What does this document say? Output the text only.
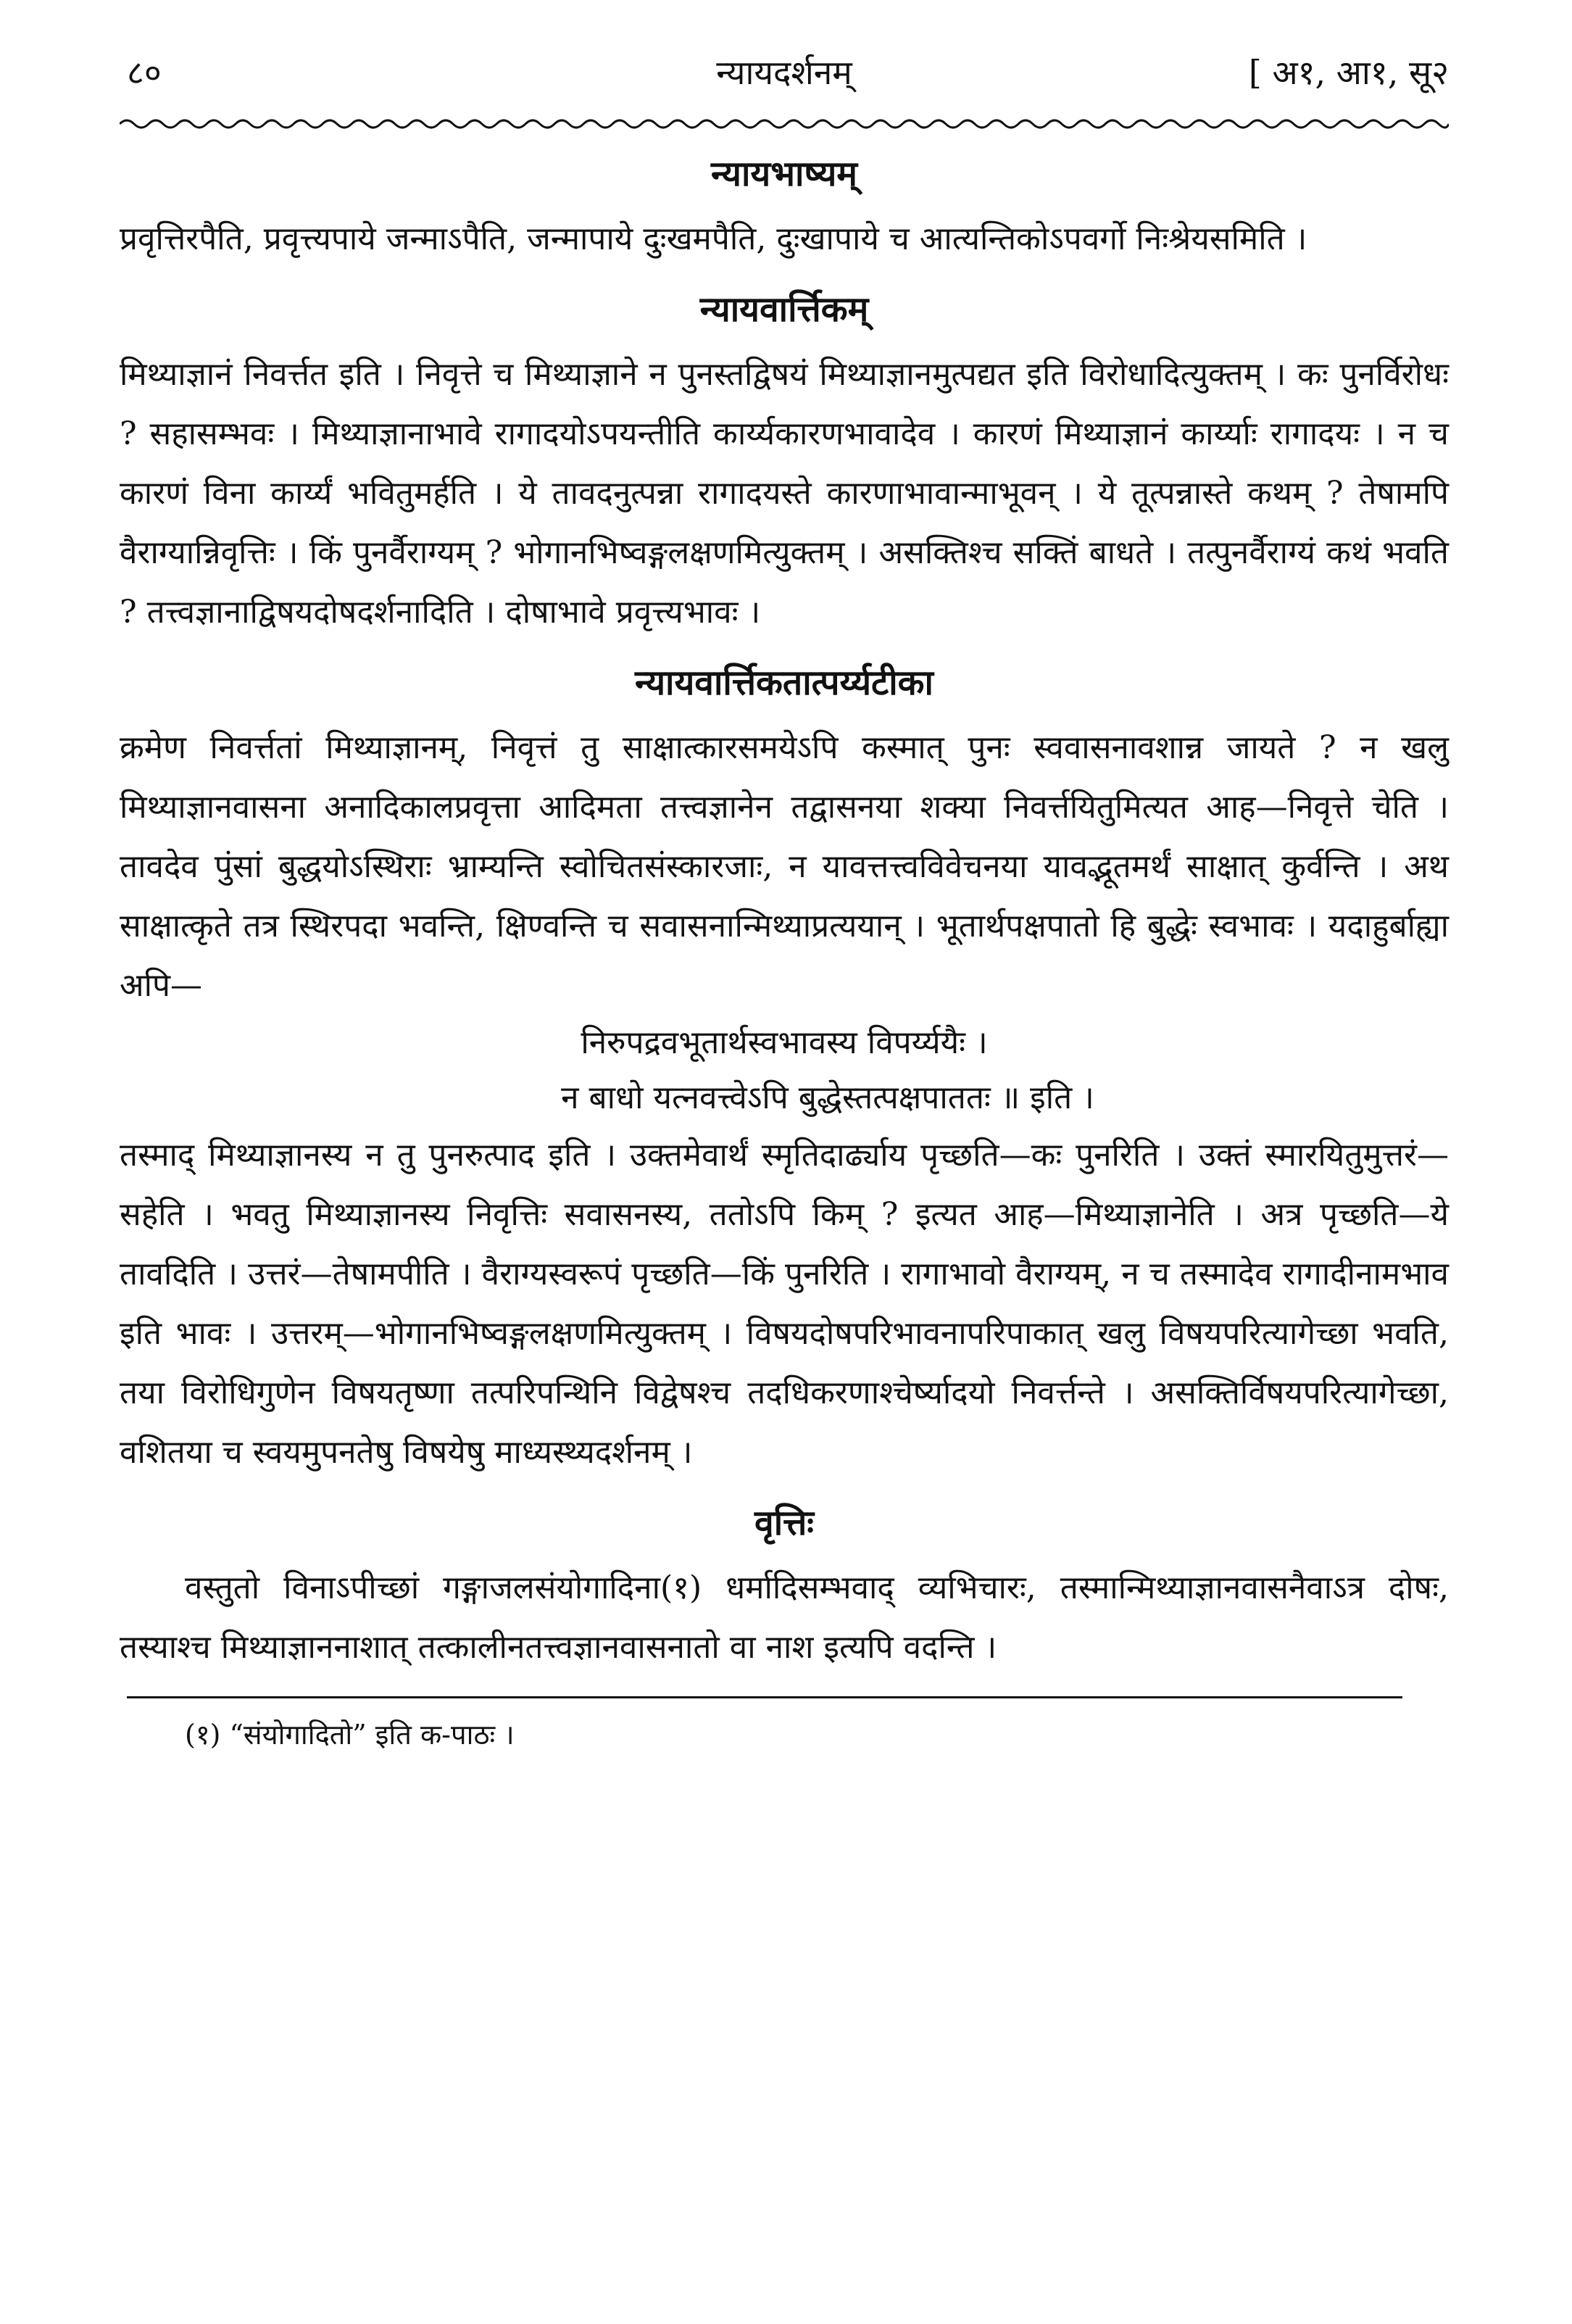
८०	न्यायदर्शनम्	[ अ१, आ१, सू२
न्यायभाष्यम्

प्रवृत्तिरपैति, प्रवृत्त्यपाये जन्माऽपैति, जन्मापाये दुःखमपैति, दुःखापाये च आत्यन्तिकोऽपवर्गो निःश्रेयसमिति ।

न्यायवार्त्तिकम्

मिथ्याज्ञानं निवर्त्तत इति । निवृत्ते च मिथ्याज्ञाने न पुनस्तद्विषयं मिथ्याज्ञानमुत्पद्यत इति विरोधादित्युक्तम् । कः पुनर्विरोधः ? सहासम्भवः । मिथ्याज्ञानाभावे रागादयोऽपयन्तीति कार्य्यकारणभावादेव । कारणं मिथ्याज्ञानं कार्य्याः रागादयः । न च कारणं विना कार्य्यं भवितुमर्हति । ये तावदनुत्पन्ना रागादयस्ते कारणाभावान्माभूवन् । ये तूत्पन्नास्ते कथम् ? तेषामपि वैराग्यान्निवृत्तिः । किं पुनर्वैराग्यम् ? भोगानभिष्वङ्गलक्षणमित्युक्तम् । असक्तिश्च सक्तिं बाधते । तत्पुनर्वैराग्यं कथं भवति ? तत्त्वज्ञानाद्विषयदोषदर्शनादिति । दोषाभावे प्रवृत्त्यभावः ।

न्यायवार्त्तिकतात्पर्य्यटीका

क्रमेण निवर्त्ततां मिथ्याज्ञानम्, निवृत्तं तु साक्षात्कारसमयेऽपि कस्मात् पुनः स्ववासनावशान्न जायते ? न खलु मिथ्याज्ञानवासना अनादिकालप्रवृत्ता आदिमता तत्त्वज्ञानेन तद्वासनया शक्या निवर्त्तयितुमित्यत आह—निवृत्ते चेति । तावदेव पुंसां बुद्धयोऽस्थिराः भ्राम्यन्ति स्वोचितसंस्कारजाः, न यावत्तत्त्वविवेचनया यावद्भूतमर्थं साक्षात् कुर्वन्ति । अथ साक्षात्कृते तत्र स्थिरपदा भवन्ति, क्षिण्वन्ति च सवासनान्मिथ्याप्रत्ययान् । भूतार्थपक्षपातो हि बुद्धेः स्वभावः । यदाहुर्बाह्या अपि—

निरुपद्रवभूतार्थस्वभावस्य विपर्य्ययैः ।

न बाधो यत्नवत्त्वेऽपि बुद्धेस्तत्पक्षपाततः ॥ इति ।

तस्माद् मिथ्याज्ञानस्य न तु पुनरुत्पाद इति । उक्तमेवार्थं स्मृतिदार्ढ्याय पृच्छति—कः पुनरिति । उक्तं स्मारयितुमुत्तरं—सहेति । भवतु मिथ्याज्ञानस्य निवृत्तिः सवासनस्य, ततोऽपि किम् ? इत्यत आह—मिथ्याज्ञानेति । अत्र पृच्छति—ये तावदिति । उत्तरं—तेषामपीति । वैराग्यस्वरूपं पृच्छति—किं पुनरिति । रागाभावो वैराग्यम्, न च तस्मादेव रागादीनामभाव इति भावः । उत्तरम्—भोगानभिष्वङ्गलक्षणमित्युक्तम् । विषयदोषपरिभावनापरिपाकात् खलु विषयपरित्यागेच्छा भवति, तया विरोधिगुणेन विषयतृष्णा तत्परिपन्थिनि विद्वेषश्च तदधिकरणाश्चेर्ष्यादयो निवर्त्तन्ते । असक्तिर्विषयपरित्यागेच्छा, वशितया च स्वयमुपनतेषु विषयेषु माध्यस्थ्यदर्शनम् ।

वृत्तिः

वस्तुतो विनाऽपीच्छां गङ्गाजलसंयोगादिना(१) धर्मादिसम्भवाद् व्यभिचारः, तस्मान्मिथ्याज्ञानवासनैवाऽत्र दोषः, तस्याश्च मिथ्याज्ञाननाशात् तत्कालीनतत्त्वज्ञानवासनातो वा नाश इत्यपि वदन्ति ।

(१) “संयोगादितो” इति क-पाठः ।
